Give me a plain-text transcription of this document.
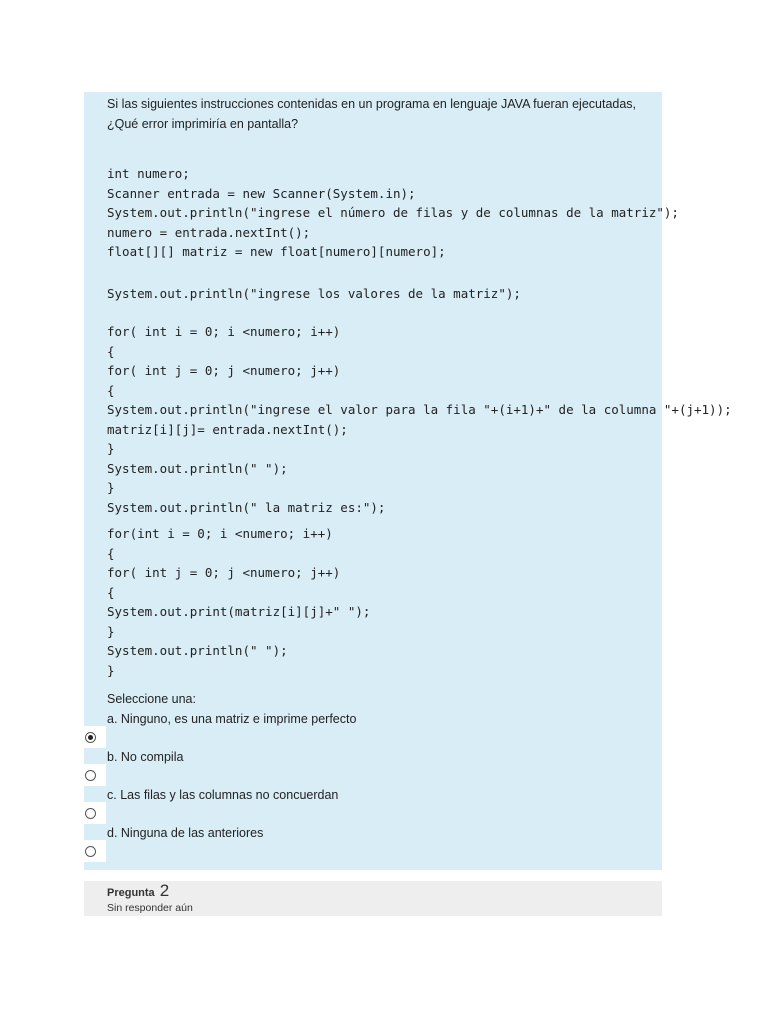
Si las siguientes instrucciones contenidas en un programa en lenguaje JAVA fueran ejecutadas, ¿Qué error imprimiría en pantalla?

int numero;
Scanner entrada = new Scanner(System.in);
System.out.println("ingrese el número de filas y de columnas de la matriz");
numero = entrada.nextInt();
float[][] matriz = new float[numero][numero];
System.out.println("ingrese los valores de la matriz");
for( int i = 0; i <numero; i++)
{
for( int j = 0; j <numero; j++)
{
System.out.println("ingrese el valor para la fila "+(i+1)+" de la columna "+(j+1));
matriz[i][j]= entrada.nextInt();
}
System.out.println(" ");
}
System.out.println(" la matriz es:");
for(int i = 0; i <numero; i++)
{
for( int j = 0; j <numero; j++)
{
System.out.print(matriz[i][j]+" ");
}
System.out.println(" ");
}
Seleccione una:
a. Ninguno, es una matriz e imprime perfecto
b. No compila
c. Las filas y las columnas no concuerdan
d. Ninguna de las anteriores
Pregunta 2
Sin responder aún
